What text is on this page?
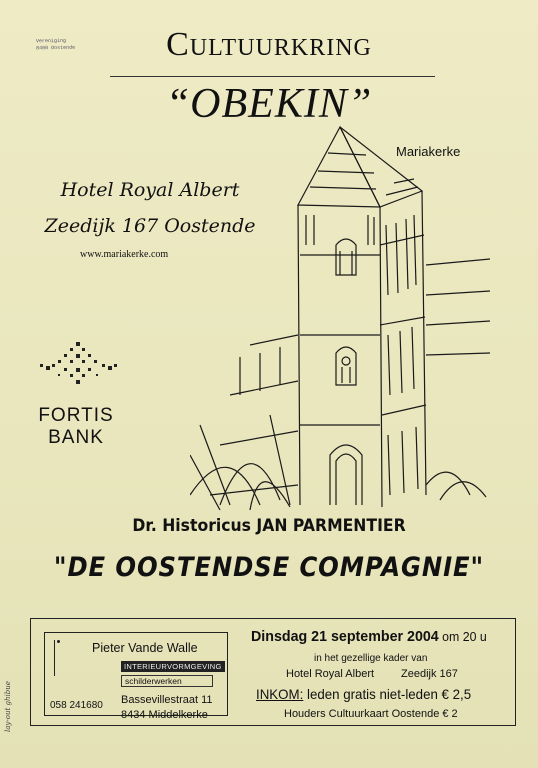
Vereniging
8400 Oostende	Cultuurkring
“OBEKIN”
Mariakerke
Hotel Royal Albert
Zeedijk 167 Oostende
www.mariakerke.com
FORTIS
BANK
Dr. Historicus JAN PARMENTIER
"DE OOSTENDSE COMPAGNIE"
Pieter Vande Walle
INTERIEURVORMGEVING
schilderwerken
058 241680 Bassevillestraat 11
8434 Middelkerke
Dinsdag 21 september 2004 om 20 u
in het gezellige kader van
Hotel Royal Albert Zeedijk 167
INKOM: leden gratis niet-leden € 2,5
Houders Cultuurkaart Oostende € 2
lay-out ghibue
